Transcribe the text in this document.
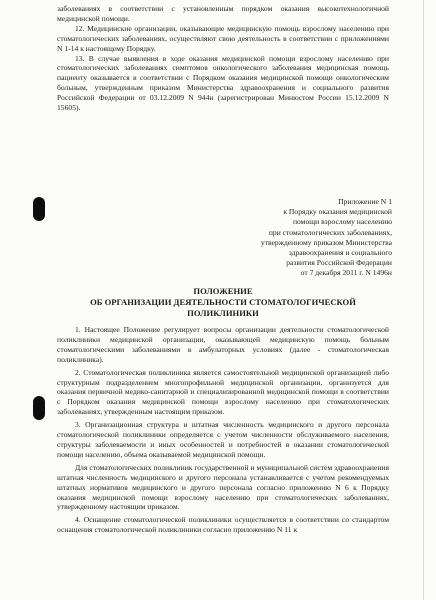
заболеваниях в соответствии с установленным порядком оказания высокотехнологичной медицинской помощи.

12. Медицинские организации, оказывающие медицинскую помощь взрослому населению при стоматологических заболеваниях, осуществляют свою деятельность в соответствии с приложениями N 1-14 к настоящему Порядку.

13. В случае выявления в ходе оказания медицинской помощи взрослому населению при стоматологических заболеваниях симптомов онкологического заболевания медицинская помощь пациенту оказывается в соответствии с Порядком оказания медицинской помощи онкологическим больным, утвержденным приказом Министерства здравоохранения и социального развития Российской Федерации от 03.12.2009 N 944н (зарегистрирован Минюстом России 15.12.2009 N 15605).

Приложение N 1
к Порядку оказания медицинской
помощи взрослому населению
при стоматологических заболеваниях,
утвержденному приказом Министерства
здравоохранения и социального
развития Российской Федерации
от 7 декабря 2011 г. N 1496н
ПОЛОЖЕНИЕ
ОБ ОРГАНИЗАЦИИ ДЕЯТЕЛЬНОСТИ СТОМАТОЛОГИЧЕСКОЙ
ПОЛИКЛИНИКИ

1. Настоящее Положение регулирует вопросы организации деятельности стоматологической поликлиники медицинской организации, оказывающей медицинскую помощь больным стоматологическими заболеваниями в амбулаторных условиях (далее - стоматологическая поликлиника).

2. Стоматологическая поликлиника является самостоятельной медицинской организацией либо структурным подразделением многопрофильной медицинской организации, организуется для оказания первичной медико-санитарной и специализированной медицинской помощи в соответствии с Порядком оказания медицинской помощи взрослому населению при стоматологических заболеваниях, утвержденным настоящим приказом.

3. Организационная структура и штатная численность медицинского и другого персонала стоматологической поликлиники определяется с учетом численности обслуживаемого населения, структуры заболеваемости и иных особенностей и потребностей в оказании стоматологической помощи населению, объема оказываемой медицинской помощи.

Для стоматологических поликлиник государственной и муниципальной систем здравоохранения штатная численность медицинского и другого персонала устанавливается с учетом рекомендуемых штатных нормативов медицинского и другого персонала согласно приложению N 6 к Порядку оказания медицинской помощи взрослому населению при стоматологических заболеваниях, утвержденному настоящим приказом.

4. Оснащение стоматологической поликлиники осуществляется в соответствии со стандартом оснащения стоматологической поликлиники согласно приложению N 11 к
